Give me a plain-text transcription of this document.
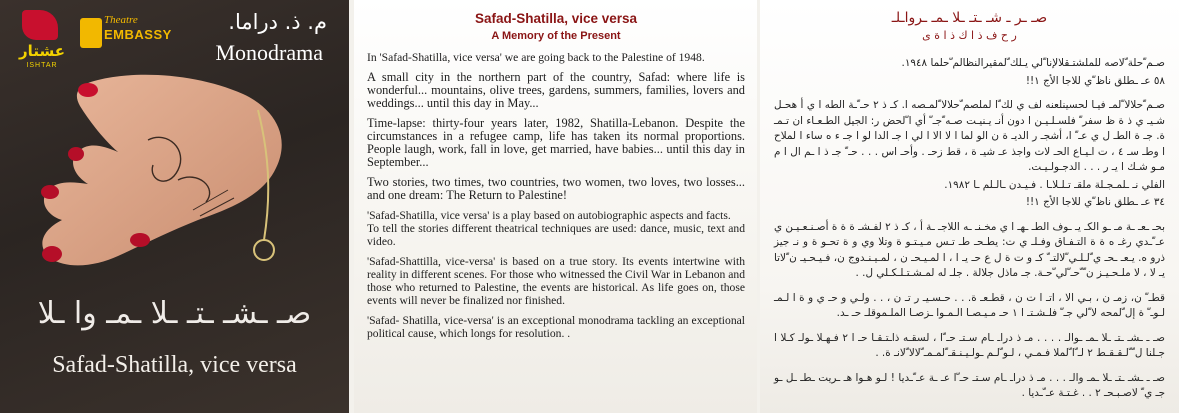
عشتار
ISHTAR
Theatre
EMBASSY
م. ذ. دراما.
Monodrama
صـ ـشـ ـتـ ـلا ـمـ وا ـلا
Safad-Shatilla, vice versa
Safad-Shatilla, vice versa
A Memory of the Present

In 'Safad-Shatilla, vice versa' we are going back to the Palestine of 1948.

A small city in the northern part of the country, Safad: where life is wonderful... mountains, olive trees, gardens, summers, families, lovers and weddings... until this day in May...

Time-lapse: thirty-four years later, 1982, Shatilla-Lebanon. Despite the circumstances in a refugee camp, life has taken its normal proportions. People laugh, work, fall in love, get married, have babies... until this day in September...

Two stories, two times, two countries, two women, two loves, two losses... and one dream: The Return to Palestine!

'Safad-Shatilla, vice versa' is a play based on autobiographic aspects and facts.
To tell the stories different theatrical techniques are used: dance, music, text and video.

'Safad-Shattilla, vice-versa' is based on a true story. Its events intertwine with reality in different scenes. For those who witnessed the Civil War in Lebanon and those who returned to Palestine, the events are historical. As life goes on, those events will never be finalized nor finished.

'Safad- Shatilla, vice-versa' is an exceptional monodrama tackling an exceptional political cause, which longs for resolution. .

صـ ـر ـ شـ ـتـ ـلا ـمـ ـرواـلـ
ر ح ف ذ ا ك ذ ا ة ى

صـم ّحلة ّلاصه للملشتـقلالإنا ّلي يـلك ّلمقيرالنظالم ّحلما ١٩٤٨.

٥٨ عـ ـطلق ناظ ّي للاجا الأج ١!!

صـم ّحلالا ّلمـ فيـا لحسينلعنه لف ي لك ّا لملصم ّحلالا ّلمـصه ا. كـ ذ ٢ حـ ّـة الطه ا ي أ هحـل شـيـ ي ذ ة ظ سفر ّ فلسـلـيـن ا دون أنـ يـنيـت صـه ّجـ ّ أي ا ّلحض ر: الجيل الطـعـاء ان تـمـ ة. جـ ة الطـ ل ي عـ ّ ا، أشجـ ر الديـ ة ن الو لما ا لا الا ا لي ا جـ الدا لو ا جـ ء ه ساء ا لملاح ا وطـ سـ ٤ ، ت اـيـاع الحـ لات واجذ عـ شيـ ة ، قط زحـ . وأحـ اس . . . حـ ّ جـ ذ ا ـم ال ا م مـو شـك ا يـ ر . . . الدجـولـيـت.

الفلي نـ ـلمـجـلة ملقـ تـلـلاـا . فـيـدن ـالـلم ـا ١٩٨٢.

٣٤ عـ ـطلق ناظ ّي للاجا الأج ١!!

بحـ ـعـ ـة مـ ـو الكـ يـ ـوف الطـ ـهـ ا ي مخـنـ ـه اللاجـ ـة أ ، كـ ذ ٢ لفـشـ ة ة ة أصـنـعـيـن ي عـ ّـدي رغـ ه ة ة التـفـاق وفـلـ ي ت: يطـحـ طـ تـس مـيـتـو ة وتلا وي و ة تحـو ة و نـ جيز ذرو ه. يـعـ ـحـ ي ّلـلـي ّلالتـ ّ كـ و ت ة ل ع حـ يـ ا ، ا لمـيـحـ ن ، لمـيـنـدوج ن، فـيـحـيـ ن ّلاتا يـ لا ، لا ملـحـيـز ن ّ ّحـ ّلي ّحـة. جـ ماذل جلالة . جلـ له لمـشـتـلـكـلي ل. .

قطـ ّ ن، زمـ ن ، بـي الا ، اتـ ا ت ن ، قطـعـ ة. . . حـسـيـ ر تـ ن ، . . ولـي و حـ ي و ة ا لـمـ لـوـ ّ ة إل ّلمحه لا ّلي جـ ّ فلـشـتـ ا ١ حـ مـيـصـا الـمـوا ـزصـا الملـموقلـ حـ ـد.

صـ ـ ـشـ ـتـ ـلا ـمـ ـوالـ . . . . مـ ذ دراـ ـام سـتـ حـ ّا ، لسقـه ذاـتـقـا حـ ا ٢ فـهـلا ـولـ كـلا ا جـلنا ل ّ ّلـقـقـط ٢ لـ ّا ّلملا فـمـي ، لـو ّلـم ـولـيـنـقـ ّلمـمـ ّلالا ّلانـ ة. .

صـ ـ ـشـ ـتـ ـلا ـمـ والـ . . . مـ ذ دراـ ـام سـتـ حـ ّا عـ ـة عـ ّـديا ! لـو هـوا هـ ـريت ـطـ ـل ـو جـ ي ّ لاصـبـحـ ٢ . . غـتـة عـ ّـديا .
